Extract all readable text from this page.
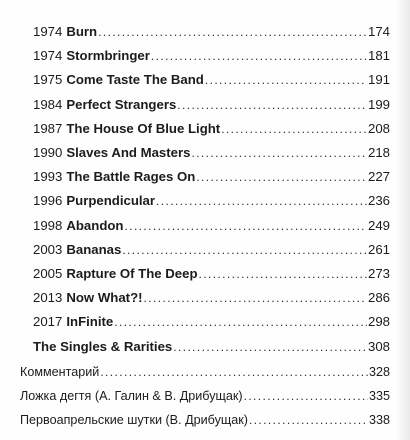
1974 Burn .....	174
1974 Stormbringer .....	181
1975 Come Taste The Band .....	191
1984 Perfect Strangers .....	199
1987 The House Of Blue Light .....	208
1990 Slaves And Masters .....	218
1993 The Battle Rages On .....	227
1996 Purpendicular .....	236
1998 Abandon .....	249
2003 Bananas .....	261
2005 Rapture Of The Deep .....	273
2013 Now What?! .....	286
2017 InFinite .....	298
The Singles & Rarities .....	308
Комментарий .....	328
Ложка дегтя (А. Галин & В. Дрибущак) .....	335
Первоапрельские шутки (В. Дрибущак) .....	338
